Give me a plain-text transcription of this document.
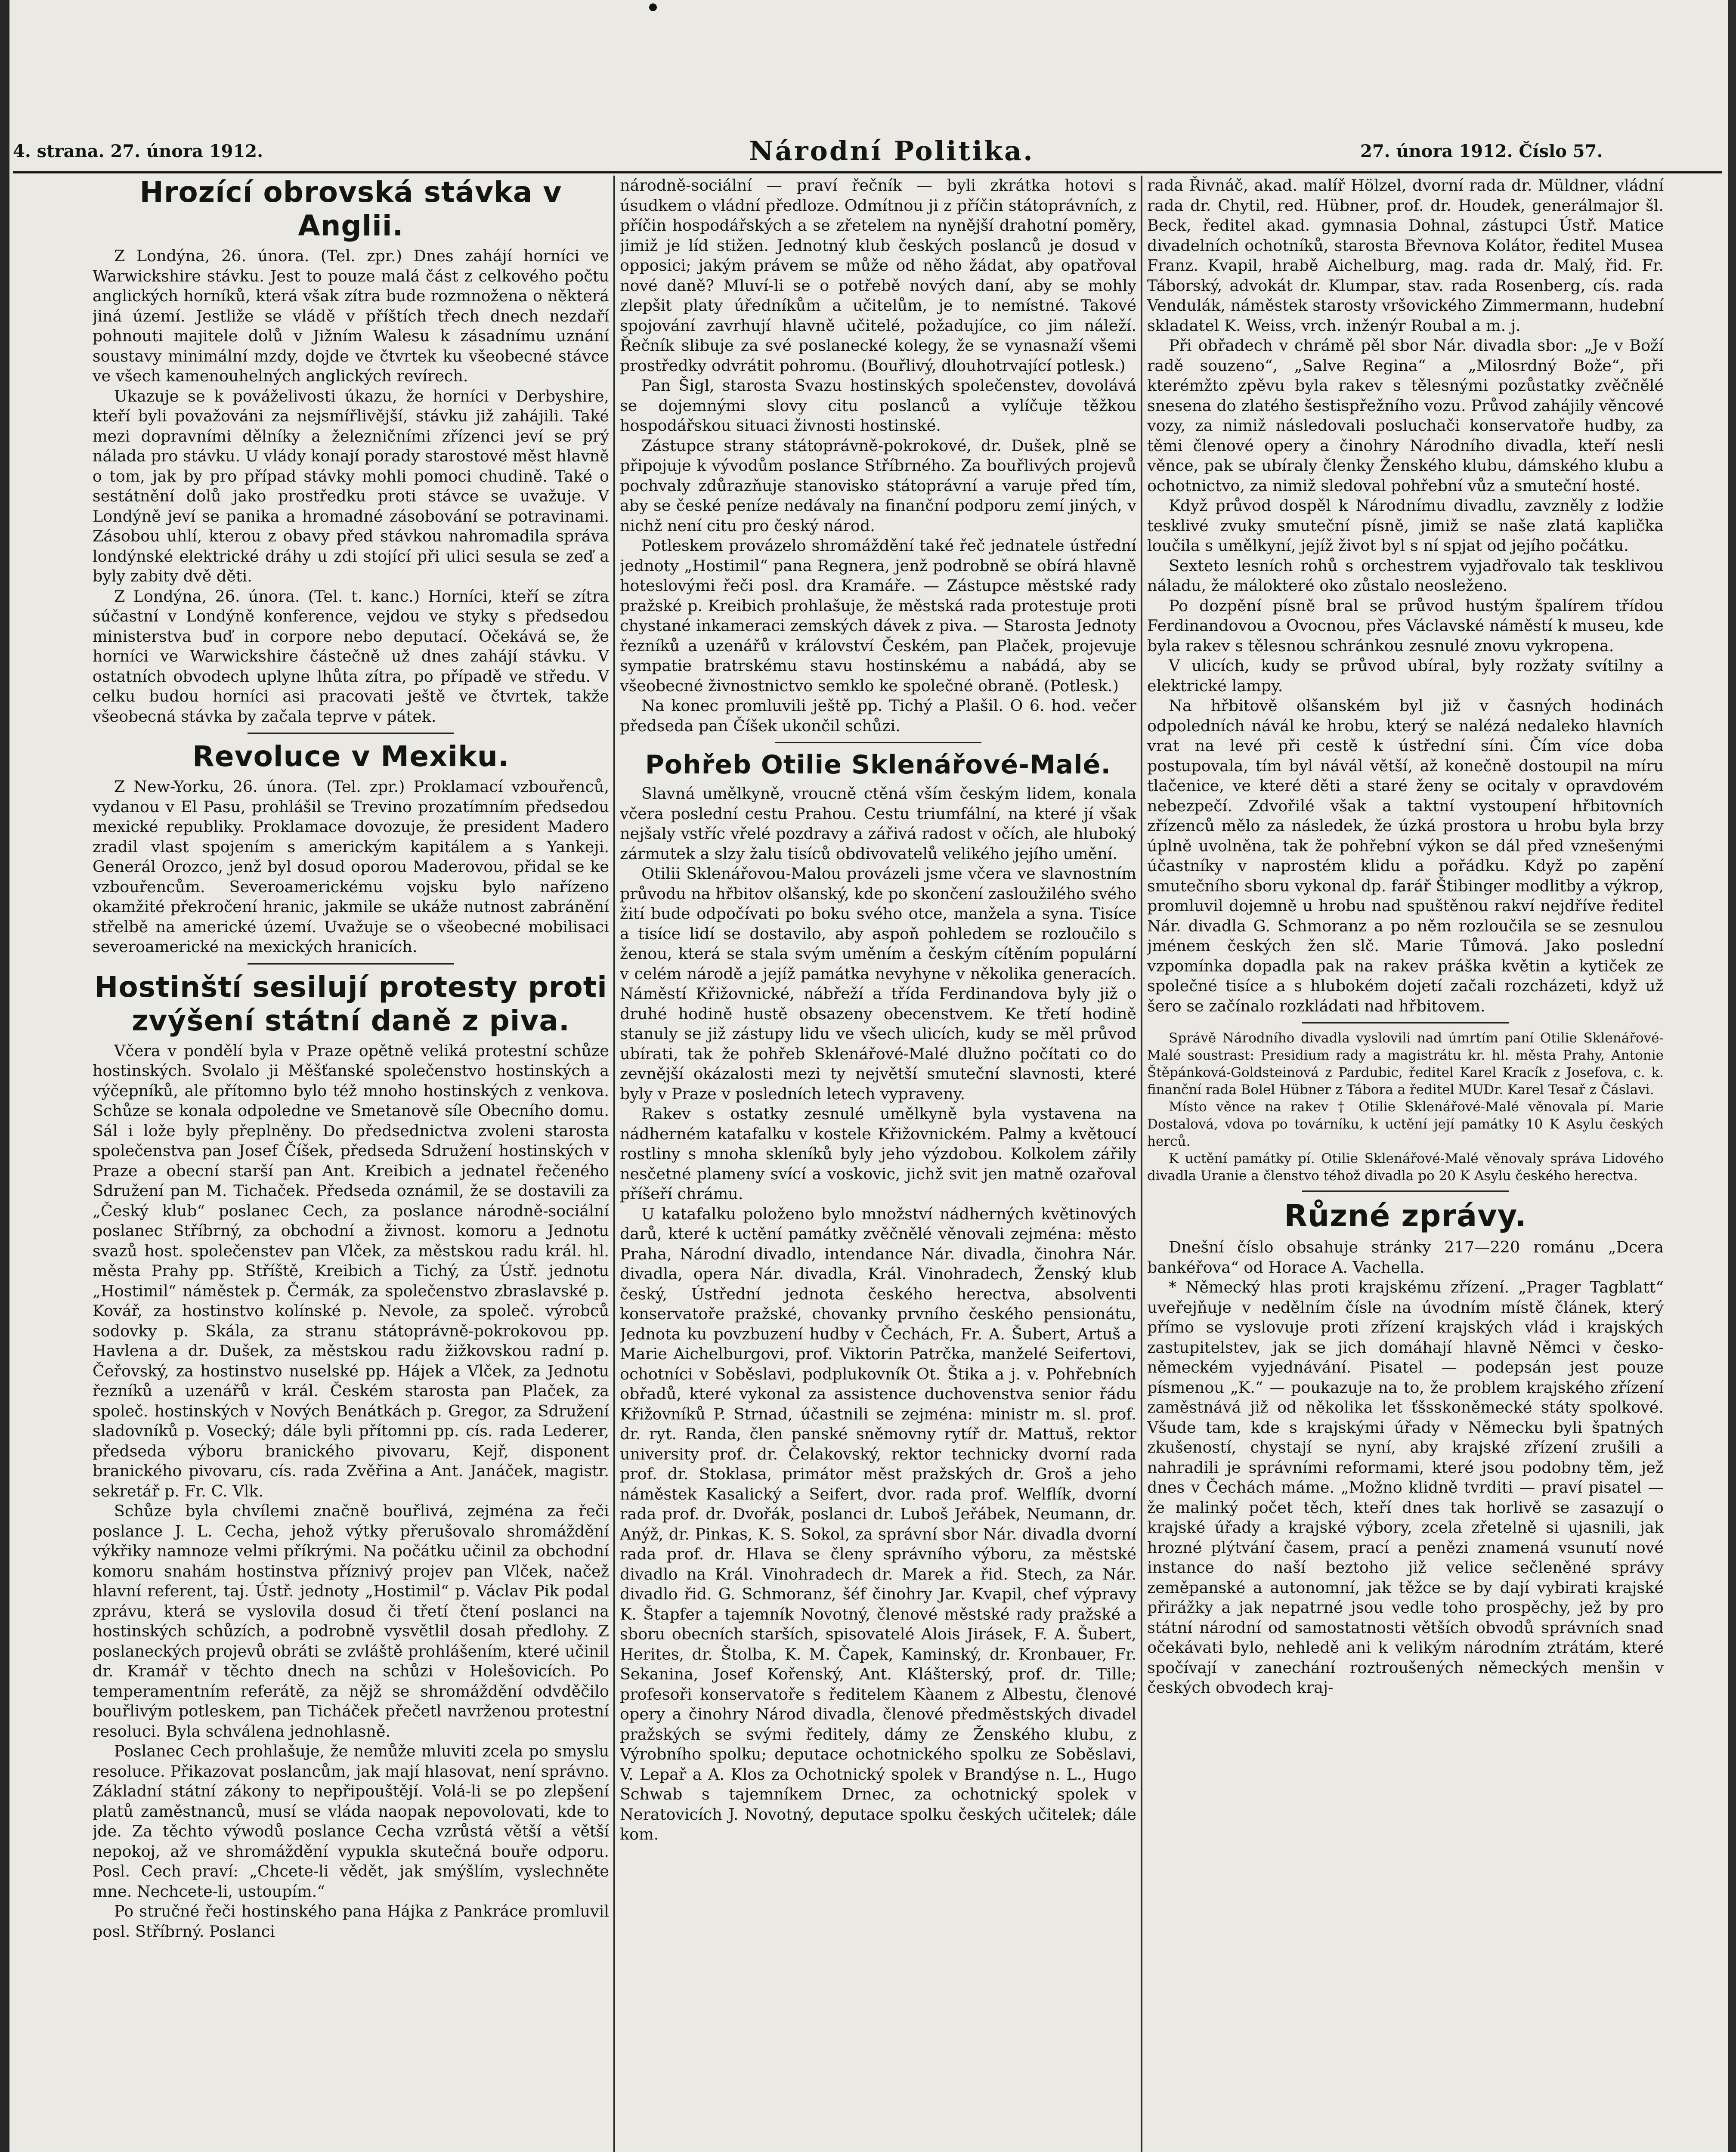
4. strana. 27. února 1912.	Národní Politika.	27. února 1912. Číslo 57.
Hrozící obrovská stávka v Anglii.

Z Londýna, 26. února. (Tel. zpr.) Dnes zahájí horníci ve Warwickshire stávku. Jest to pouze malá část z celkového počtu anglických horníků, která však zítra bude rozmnožena o některá jiná území. Jestliže se vládě v příštích třech dnech nezdaří pohnouti majitele dolů v Jižním Walesu k zásadnímu uznání soustavy minimální mzdy, dojde ve čtvrtek ku všeobecné stávce ve všech kamenouhelných anglických revírech.

Ukazuje se k pováželivosti úkazu, že horníci v Derbyshire, kteří byli považováni za nejsmířlivější, stávku již zahájili. Také mezi dopravními dělníky a železničními zřízenci jeví se prý nálada pro stávku. U vlády konají porady starostové měst hlavně o tom, jak by pro případ stávky mohli pomoci chudině. Také o sestátnění dolů jako prostředku proti stávce se uvažuje. V Londýně jeví se panika a hromadné zásobování se potravinami. Zásobou uhlí, kterou z obavy před stávkou nahromadila správa londýnské elektrické dráhy u zdi stojící při ulici sesula se zeď a byly zabity dvě děti.

Z Londýna, 26. února. (Tel. t. kanc.) Horníci, kteří se zítra súčastní v Londýně konference, vejdou ve styky s předsedou ministerstva buď in corpore nebo deputací. Očekává se, že horníci ve Warwickshire částečně už dnes zahájí stávku. V ostatních obvodech uplyne lhůta zítra, po případě ve středu. V celku budou horníci asi pracovati ještě ve čtvrtek, takže všeobecná stávka by začala teprve v pátek.

Revoluce v Mexiku.

Z New-Yorku, 26. února. (Tel. zpr.) Proklamací vzbouřenců, vydanou v El Pasu, prohlášil se Trevino prozatímním předsedou mexické republiky. Proklamace dovozuje, že president Madero zradil vlast spojením s americkým kapitálem a s Yankeji. Generál Orozco, jenž byl dosud oporou Maderovou, přidal se ke vzbouřencům. Severoamerickému vojsku bylo nařízeno okamžité překročení hranic, jakmile se ukáže nutnost zabránění střelbě na americké území. Uvažuje se o všeobecné mobilisaci severoamerické na mexických hranicích.

Hostinští sesilují protesty proti zvýšení státní daně z piva.

Včera v pondělí byla v Praze opětně veliká protestní schůze hostinských. Svolalo ji Měšťanské společenstvo hostinských a výčepníků, ale přítomno bylo též mnoho hostinských z venkova. Schůze se konala odpoledne ve Smetanově síle Obecního domu. Sál i lože byly přeplněny. Do předsednictva zvoleni starosta společenstva pan Josef Číšek, předseda Sdružení hostinských v Praze a obecní starší pan Ant. Kreibich a jednatel řečeného Sdružení pan M. Tichaček. Předseda oznámil, že se dostavili za „Český klub“ poslanec Cech, za poslance národně-sociální poslanec Stříbrný, za obchodní a živnost. komoru a Jednotu svazů host. společenstev pan Vlček, za městskou radu král. hl. města Prahy pp. Stříště, Kreibich a Tichý, za Ústř. jednotu „Hostimil“ náměstek p. Čermák, za společenstvo zbraslavské p. Kovář, za hostinstvo kolínské p. Nevole, za společ. výrobců sodovky p. Skála, za stranu státoprávně-pokrokovou pp. Havlena a dr. Dušek, za městskou radu žižkovskou radní p. Čeřovský, za hostinstvo nuselské pp. Hájek a Vlček, za Jednotu řezníků a uzenářů v král. Českém starosta pan Plaček, za společ. hostinských v Nových Benátkách p. Gregor, za Sdružení sladovníků p. Vosecký; dále byli přítomni pp. cís. rada Lederer, předseda výboru branického pivovaru, Kejř, disponent branického pivovaru, cís. rada Zvěřina a Ant. Janáček, magistr. sekretář p. Fr. C. Vlk.

Schůze byla chvílemi značně bouřlivá, zejména za řeči poslance J. L. Cecha, jehož výtky přerušovalo shromáždění výkřiky namnoze velmi příkrými. Na počátku učinil za obchodní komoru snahám hostinstva příznivý projev pan Vlček, načež hlavní referent, taj. Ústř. jednoty „Hostimil“ p. Václav Pik podal zprávu, která se vyslovila dosud či třetí čtení poslanci na hostinských schůzích, a podrobně vysvětlil dosah předlohy. Z poslaneckých projevů obráti se zvláště prohlášením, které učinil dr. Kramář v těchto dnech na schůzi v Holešovicích. Po temperamentním referátě, za nějž se shromáždění odvděčilo bouřlivým potleskem, pan Ticháček přečetl navrženou protestní resoluci. Byla schválena jednohlasně.

Poslanec Cech prohlašuje, že nemůže mluviti zcela po smyslu resoluce. Přikazovat poslancům, jak mají hlasovat, není správno. Základní státní zákony to nepřipouštějí. Volá-li se po zlepšení platů zaměstnanců, musí se vláda naopak nepovolovati, kde to jde. Za těchto výwodů poslance Cecha vzrůstá větší a větší nepokoj, až ve shromáždění vypukla skutečná bouře odporu. Posl. Cech praví: „Chcete-li vědět, jak smýšlím, vyslechněte mne. Nechcete-li, ustoupím.“

Po stručné řeči hostinského pana Hájka z Pankráce promluvil posl. Stříbrný. Poslanci

národně-sociální — praví řečník — byli zkrátka hotovi s úsudkem o vládní předloze. Odmítnou ji z příčin státoprávních, z příčin hospodářských a se zřetelem na nynější drahotní poměry, jimiž je líd stižen. Jednotný klub českých poslanců je dosud v opposici; jakým právem se může od něho žádat, aby opatřoval nové daně? Mluví-li se o potřebě nových daní, aby se mohly zlepšit platy úředníkům a učitelům, je to nemístné. Takové spojování zavrhují hlavně učitelé, požadujíce, co jim náleží. Řečník slibuje za své poslanecké kolegy, že se vynasnaží všemi prostředky odvrátit pohromu. (Bouřlivý, dlouhotrvající potlesk.)

Pan Šigl, starosta Svazu hostinských společenstev, dovolává se dojemnými slovy citu poslanců a vylíčuje těžkou hospodářskou situaci živnosti hostinské.

Zástupce strany státoprávně-pokrokové, dr. Dušek, plně se připojuje k vývodům poslance Stříbrného. Za bouřlivých projevů pochvaly zdůrazňuje stanovisko státoprávní a varuje před tím, aby se české peníze nedávaly na finanční podporu zemí jiných, v nichž není citu pro český národ.

Potleskem provázelo shromáždění také řeč jednatele ústřední jednoty „Hostimil“ pana Regnera, jenž podrobně se obírá hlavně hoteslovými řeči posl. dra Kramáře. — Zástupce městské rady pražské p. Kreibich prohlašuje, že městská rada protestuje proti chystané inkameraci zemských dávek z piva. — Starosta Jednoty řezníků a uzenářů v království Českém, pan Plaček, projevuje sympatie bratrskému stavu hostinskému a nabádá, aby se všeobecné živnostnictvo semklo ke společné obraně. (Potlesk.)

Na konec promluvili ještě pp. Tichý a Plašil. O 6. hod. večer předseda pan Číšek ukončil schůzi.

Pohřeb Otilie Sklenářové-Malé.

Slavná umělkyně, vroucně ctěná vším českým lidem, konala včera poslední cestu Prahou. Cestu triumfální, na které jí však nejšaly vstříc vřelé pozdravy a zářivá radost v očích, ale hluboký zármutek a slzy žalu tisíců obdivovatelů velikého jejího umění.

Otilii Sklenářovou-Malou provázeli jsme včera ve slavnostním průvodu na hřbitov olšanský, kde po skončení zasloužilého svého žití bude odpočívati po boku svého otce, manžela a syna. Tisíce a tisíce lidí se dostavilo, aby aspoň pohledem se rozloučilo s ženou, která se stala svým uměním a českým cítěním populární v celém národě a jejíž památka nevyhyne v několika generacích. Náměstí Křižovnické, nábřeží a třída Ferdinandova byly již o druhé hodině hustě obsazeny obecenstvem. Ke třetí hodině stanuly se již zástupy lidu ve všech ulicích, kudy se měl průvod ubírati, tak že pohřeb Sklenářové-Malé dlužno počítati co do zevnější okázalosti mezi ty největší smuteční slavnosti, které byly v Praze v posledních letech vypraveny.

Rakev s ostatky zesnulé umělkyně byla vystavena na nádherném katafalku v kostele Křižovnickém. Palmy a květoucí rostliny s mnoha skleníků byly jeho výzdobou. Kolkolem zářily nesčetné plameny svící a voskovic, jichž svit jen matně ozařoval příšeří chrámu.

U katafalku položeno bylo množství nádherných květinových darů, které k uctění památky zvěčnělé věnovali zejména: město Praha, Národní divadlo, intendance Nár. divadla, činohra Nár. divadla, opera Nár. divadla, Král. Vinohradech, Ženský klub český, Ústřední jednota českého herectva, absolventi konservatoře pražské, chovanky prvního českého pensionátu, Jednota ku povzbuzení hudby v Čechách, Fr. A. Šubert, Artuš a Marie Aichelburgovi, prof. Viktorin Patrčka, manželé Seifertovi, ochotníci v Soběslavi, podplukovník Ot. Štika a j. v. Pohřebních obřadů, které vykonal za assistence duchovenstva senior řádu Křižovníků P. Strnad, účastnili se zejména: ministr m. sl. prof. dr. ryt. Randa, člen panské sněmovny rytíř dr. Mattuš, rektor university prof. dr. Čelakovský, rektor technicky dvorní rada prof. dr. Stoklasa, primátor měst pražských dr. Groš a jeho náměstek Kasalický a Seifert, dvor. rada prof. Welflík, dvorní rada prof. dr. Dvořák, poslanci dr. Luboš Jeřábek, Neumann, dr. Anýž, dr. Pinkas, K. S. Sokol, za správní sbor Nár. divadla dvorní rada prof. dr. Hlava se členy správního výboru, za městské divadlo na Král. Vinohradech dr. Marek a řid. Stech, za Nár. divadlo řid. G. Schmoranz, šéf činohry Jar. Kvapil, chef výpravy K. Štapfer a tajemník Novotný, členové městské rady pražské a sboru obecních starších, spisovatelé Alois Jirásek, F. A. Šubert, Herites, dr. Štolba, K. M. Čapek, Kaminský, dr. Kronbauer, Fr. Sekanina, Josef Kořenský, Ant. Klášterský, prof. dr. Tille; profesoři konservatoře s ředitelem Kàanem z Albestu, členové opery a činohry Národ divadla, členové předměstských divadel pražských se svými ředitely, dámy ze Ženského klubu, z Výrobního spolku; deputace ochotnického spolku ze Soběslavi, V. Lepař a A. Klos za Ochotnický spolek v Brandýse n. L., Hugo Schwab s tajemníkem Drnec, za ochotnický spolek v Neratovicích J. Novotný, deputace spolku českých učitelek; dále kom.

rada Řivnáč, akad. malíř Hölzel, dvorní rada dr. Müldner, vládní rada dr. Chytil, red. Hübner, prof. dr. Houdek, generálmajor šl. Beck, ředitel akad. gymnasia Dohnal, zástupci Ústř. Matice divadelních ochotníků, starosta Břevnova Kolátor, ředitel Musea Franz. Kvapil, hrabě Aichelburg, mag. rada dr. Malý, řid. Fr. Táborský, advokát dr. Klumpar, stav. rada Rosenberg, cís. rada Vendulák, náměstek starosty vršovického Zimmermann, hudební skladatel K. Weiss, vrch. inženýr Roubal a m. j.

Při obřadech v chrámě pěl sbor Nár. divadla sbor: „Je v Boží radě souzeno“, „Salve Regina“ a „Milosrdný Bože“, při kterémžto zpěvu byla rakev s tělesnými pozůstatky zvěčnělé snesena do zlatého šestispřežního vozu. Průvod zahájily věncové vozy, za nimiž následovali posluchači konservatoře hudby, za těmi členové opery a činohry Národního divadla, kteří nesli věnce, pak se ubíraly členky Ženského klubu, dámského klubu a ochotnictvo, za nimiž sledoval pohřební vůz a smuteční hosté.

Když průvod dospěl k Národnímu divadlu, zavzněly z lodžie tesklivé zvuky smuteční písně, jimiž se naše zlatá kaplička loučila s umělkyní, jejíž život byl s ní spjat od jejího počátku.

Sexteto lesních rohů s orchestrem vyjadřovalo tak tesklivou náladu, že málokteré oko zůstalo neosleženo.

Po dozpění písně bral se průvod hustým špalírem třídou Ferdinandovou a Ovocnou, přes Václavské náměstí k museu, kde byla rakev s tělesnou schránkou zesnulé znovu vykropena.

V ulicích, kudy se průvod ubíral, byly rozžaty svítilny a elektrické lampy.

Na hřbitově olšanském byl již v časných hodinách odpoledních návál ke hrobu, který se nalézá nedaleko hlavních vrat na levé při cestě k ústřední síni. Čím více doba postupovala, tím byl návál větší, až konečně dostoupil na míru tlačenice, ve které děti a staré ženy se ocitaly v opravdovém nebezpečí. Zdvořilé však a taktní vystoupení hřbitovních zřízenců mělo za následek, že úzká prostora u hrobu byla brzy úplně uvolněna, tak že pohřební výkon se dál před vznešenými účastníky v naprostém klidu a pořádku. Když po zapění smutečního sboru vykonal dp. farář Štibinger modlitby a výkrop, promluvil dojemně u hrobu nad spuštěnou rakví nejdříve ředitel Nár. divadla G. Schmoranz a po něm rozloučila se se zesnulou jménem českých žen slč. Marie Tůmová. Jako poslední vzpomínka dopadla pak na rakev práška květin a kytiček ze společné tisíce a s hlubokém dojetí začali rozcházeti, když už šero se začínalo rozkládati nad hřbitovem.

Správě Národního divadla vyslovili nad úmrtím paní Otilie Sklenářové-Malé soustrast: Presidium rady a magistrátu kr. hl. města Prahy, Antonie Štěpánková-Goldsteinová z Pardubic, ředitel Karel Kracík z Josefova, c. k. finanční rada Bolel Hübner z Tábora a ředitel MUDr. Karel Tesař z Čáslavi.

Místo věnce na rakev † Otilie Sklenářové-Malé věnovala pí. Marie Dostalová, vdova po továrníku, k uctění její památky 10 K Asylu českých herců.

K uctění památky pí. Otilie Sklenářové-Malé věnovaly správa Lidového divadla Uranie a členstvo téhož divadla po 20 K Asylu českého herectva.

Různé zprávy.

Dnešní číslo obsahuje stránky 217—220 románu „Dcera bankéřova“ od Horace A. Vachella.

* Německý hlas proti krajskému zřízení. „Prager Tagblatt“ uveřejňuje v nedělním čísle na úvodním místě článek, který přímo se vyslovuje proti zřízení krajských vlád i krajských zastupitelstev, jak se jich domáhají hlavně Němci v česko-německém vyjednávání. Pisatel — podepsán jest pouze písmenou „K.“ — poukazuje na to, že problem krajského zřízení zaměstnává již od několika let ťšsskoněmecké státy spolkové. Všude tam, kde s krajskými úřady v Německu byli špatných zkušeností, chystají se nyní, aby krajské zřízení zrušili a nahradili je správními reformami, které jsou podobny těm, jež dnes v Čechách máme. „Možno klidně tvrditi — praví pisatel — že malinký počet těch, kteří dnes tak horlivě se zasazují o krajské úřady a krajské výbory, zcela zřetelně si ujasnili, jak hrozné plýtvání časem, prací a penězi znamená vsunutí nové instance do naší beztoho již velice sečleněné správy zeměpanské a autonomní, jak těžce se by dají vybirati krajské přirážky a jak nepatrné jsou vedle toho prospěchy, jež by pro státní národní od samostatnosti větších obvodů správních snad očekávati bylo, nehledě ani k velikým národním ztrátám, které spočívají v zanechání roztroušených německých menšin v českých obvodech kraj-
